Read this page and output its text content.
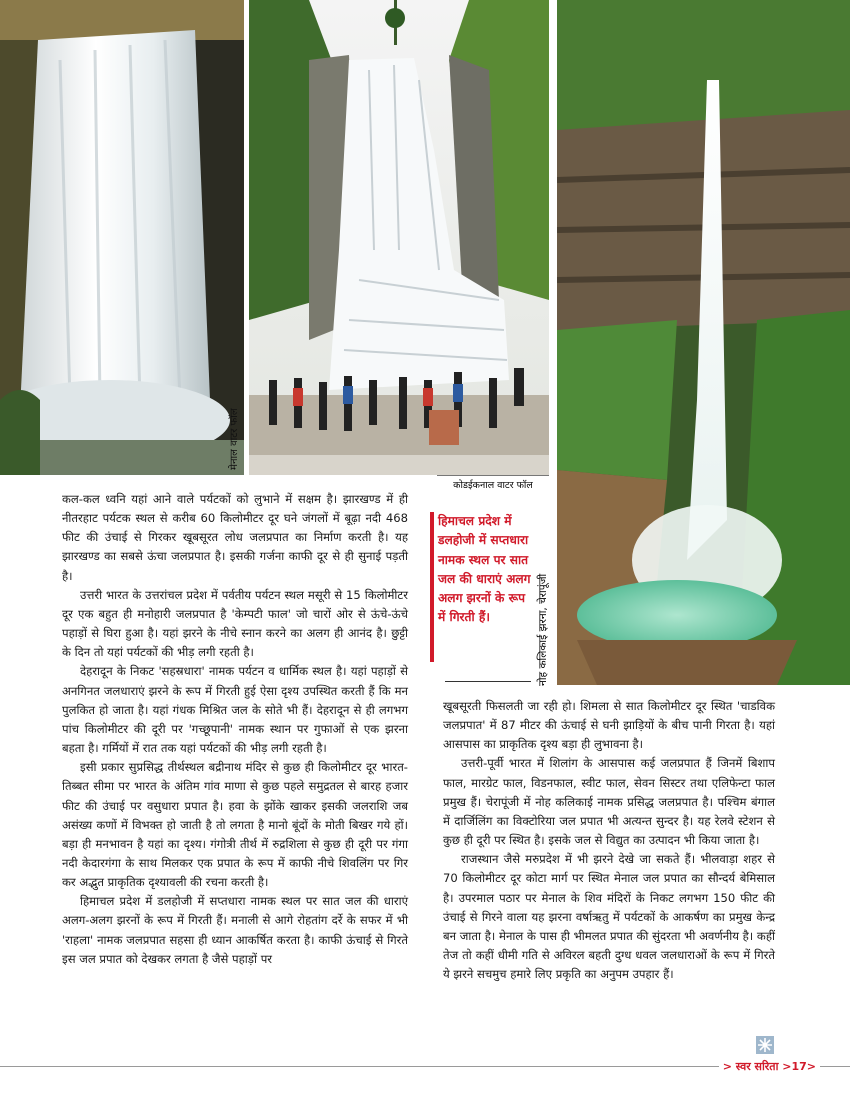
मेनाल वाटर फॉल
कोडईकनाल वाटर फॉल
नोह कलिकाई झरना, चेरापूंजी
हिमाचल प्रदेश में डलहोजी में सप्तधारा नामक स्थल पर सात जल की धाराएं अलग अलग झरनों के रूप में गिरती हैं।

कल-कल ध्वनि यहां आने वाले पर्यटकों को लुभाने में सक्षम है। झारखण्ड में ही नीतरहाट पर्यटक स्थल से करीब 60 किलोमीटर दूर घने जंगलों में बूढ़ा नदी 468 फीट की उंचाई से गिरकर खूबसूरत लोध जलप्रपात का निर्माण करती है। यह झारखण्ड का सबसे ऊंचा जलप्रपात है। इसकी गर्जना काफी दूर से ही सुनाई पड़ती है।

उत्तरी भारत के उत्तरांचल प्रदेश में पर्वतीय पर्यटन स्थल मसूरी से 15 किलोमीटर दूर एक बहुत ही मनोहारी जलप्रपात है 'केम्पटी फाल' जो चारों ओर से ऊंचे-ऊंचे पहाड़ों से घिरा हुआ है। यहां झरने के नीचे स्नान करने का अलग ही आनंद है। छुट्टी के दिन तो यहां पर्यटकों की भीड़ लगी रहती है।

देहरादून के निकट 'सहस्रधारा' नामक पर्यटन व धार्मिक स्थल है। यहां पहाड़ों से अनगिनत जलधाराएं झरने के रूप में गिरती हुई ऐसा दृश्य उपस्थित करती हैं कि मन पुलकित हो जाता है। यहां गंधक मिश्रित जल के सोते भी हैं। देहरादून से ही लगभग पांच किलोमीटर की दूरी पर 'गच्छूपानी' नामक स्थान पर गुफाओं से एक झरना बहता है। गर्मियों में रात तक यहां पर्यटकों की भीड़ लगी रहती है।

इसी प्रकार सुप्रसिद्ध तीर्थस्थल बद्रीनाथ मंदिर से कुछ ही किलोमीटर दूर भारत-तिब्बत सीमा पर भारत के अंतिम गांव माणा से कुछ पहले समुद्रतल से बारह हजार फीट की उंचाई पर वसुधारा प्रपात है। हवा के झोंके खाकर इसकी जलराशि जब असंख्य कणों में विभक्त हो जाती है तो लगता है मानो बूंदों के मोती बिखर गये हों। बड़ा ही मनभावन है यहां का दृश्य। गंगोत्री तीर्थ में रुद्रशिला से कुछ ही दूरी पर गंगा नदी केदारगंगा के साथ मिलकर एक प्रपात के रूप में काफी नीचे शिवलिंग पर गिर कर अद्भुत प्राकृतिक दृश्यावली की रचना करती है।

हिमाचल प्रदेश में डलहोजी में सप्तधारा नामक स्थल पर सात जल की धाराएं अलग-अलग झरनों के रूप में गिरती हैं। मनाली से आगे रोहतांग दर्रे के सफर में भी 'राहला' नामक जलप्रपात सहसा ही ध्यान आकर्षित करता है। काफी ऊंचाई से गिरते इस जल प्रपात को देखकर लगता है जैसे पहाड़ों पर

खूबसूरती फिसलती जा रही हो। शिमला से सात किलोमीटर दूर स्थित 'चाडविक जलप्रपात' में 87 मीटर की ऊंचाई से घनी झाड़ियों के बीच पानी गिरता है। यहां आसपास का प्राकृतिक दृश्य बड़ा ही लुभावना है।

उत्तरी-पूर्वी भारत में शिलांग के आसपास कई जलप्रपात हैं जिनमें बिशाप फाल, मारग्रेट फाल, विडनफाल, स्वीट फाल, सेवन सिस्टर तथा एलिफेन्टा फाल प्रमुख हैं। चेरापूंजी में नोह कलिकाई नामक प्रसिद्ध जलप्रपात है। पश्चिम बंगाल में दार्जिलिंग का विक्टोरिया जल प्रपात भी अत्यन्त सुन्दर है। यह रेलवे स्टेशन से कुछ ही दूरी पर स्थित है। इसके जल से विद्युत का उत्पादन भी किया जाता है।

राजस्थान जैसे मरुप्रदेश में भी झरने देखे जा सकते हैं। भीलवाड़ा शहर से 70 किलोमीटर दूर कोटा मार्ग पर स्थित मेनाल जल प्रपात का सौन्दर्य बेमिसाल है। उपरमाल पठार पर मेनाल के शिव मंदिरों के निकट लगभग 150 फीट की उंचाई से गिरने वाला यह झरना वर्षाऋतु में पर्यटकों के आकर्षण का प्रमुख केन्द्र बन जाता है। मेनाल के पास ही भीमलत प्रपात की सुंदरता भी अवर्णनीय है। कहीं तेज तो कहीं धीमी गति से अविरल बहती दुग्ध धवल जलधाराओं के रूप में गिरते ये झरने सचमुच हमारे लिए प्रकृति का अनुपम उपहार हैं।

> स्वर सरिता >17>
